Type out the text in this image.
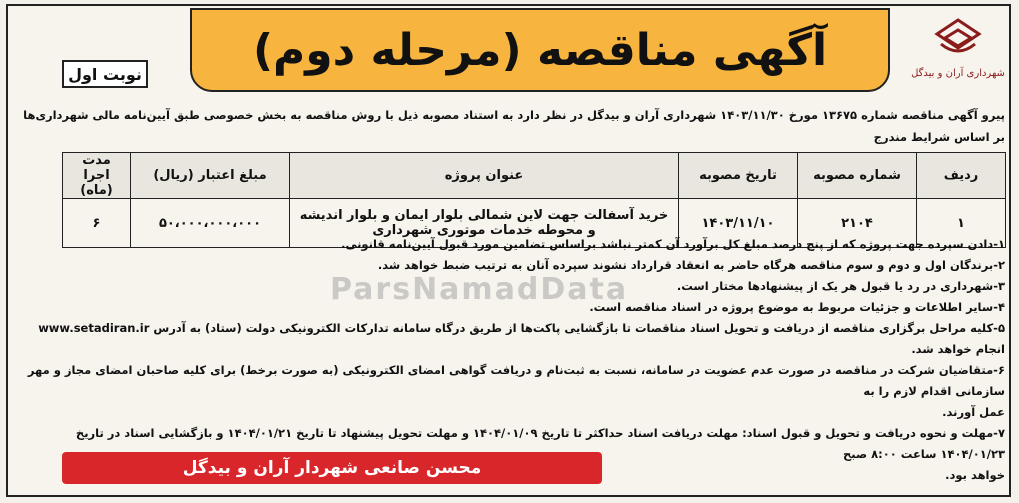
ParsNamadData
شهرداری آران و بیدگل
آگهی مناقصه (مرحله دوم)
نوبت اول
پیرو آگهی مناقصه شماره ۱۳۶۷۵ مورخ ۱۴۰۳/۱۱/۳۰ شهرداری آران و بیدگل در نظر دارد به استناد مصوبه ذیل با روش مناقصه به بخش خصوصی طبق آیین‌نامه مالی شهرداری‌ها بر اساس شرایط مندرج
ردیف	شماره مصوبه	تاریخ مصوبه	عنوان پروژه	مبلغ اعتبار (ریال)	مدت اجرا (ماه)
۱	۲۱۰۴	۱۴۰۳/۱۱/۱۰	خرید آسفالت جهت لاین شمالی بلوار ایمان و بلوار اندیشه و محوطه خدمات موتوری شهرداری	۵۰،۰۰۰،۰۰۰،۰۰۰	۶
۱-دادن سپرده جهت پروژه که از پنج درصد مبلغ کل برآورد آن کمتر نباشد براساس تضامین مورد قبول آیین‌نامه قانونی.
۲-برندگان اول و دوم و سوم مناقصه هرگاه حاضر به انعقاد قرارداد نشوند سپرده آنان به ترتیب ضبط خواهد شد.
۳-شهرداری در رد یا قبول هر یک از پیشنهادها مختار است.
۴-سایر اطلاعات و جزئیات مربوط به موضوع پروژه در اسناد مناقصه است.
۵-کلیه مراحل برگزاری مناقصه از دریافت و تحویل اسناد مناقصات تا بازگشایی پاکت‌ها از طریق درگاه سامانه تدارکات الکترونیکی دولت (ستاد) به آدرس www.setadiran.ir انجام خواهد شد.
۶-متقاضیان شرکت در مناقصه در صورت عدم عضویت در سامانه، نسبت به ثبت‌نام و دریافت گواهی امضای الکترونیکی (به صورت برخط) برای کلیه صاحبان امضای مجاز و مهر سازمانی اقدام لازم را به
عمل آورند.
۷-مهلت و نحوه دریافت و تحویل و قبول اسناد: مهلت دریافت اسناد حداکثر تا تاریخ ۱۴۰۴/۰۱/۰۹ و مهلت تحویل پیشنهاد تا تاریخ ۱۴۰۴/۰۱/۲۱ و بازگشایی اسناد در تاریخ ۱۴۰۴/۰۱/۲۳ ساعت ۸:۰۰ صبح
خواهد بود.
محسن صانعی شهردار آران و بیدگل
